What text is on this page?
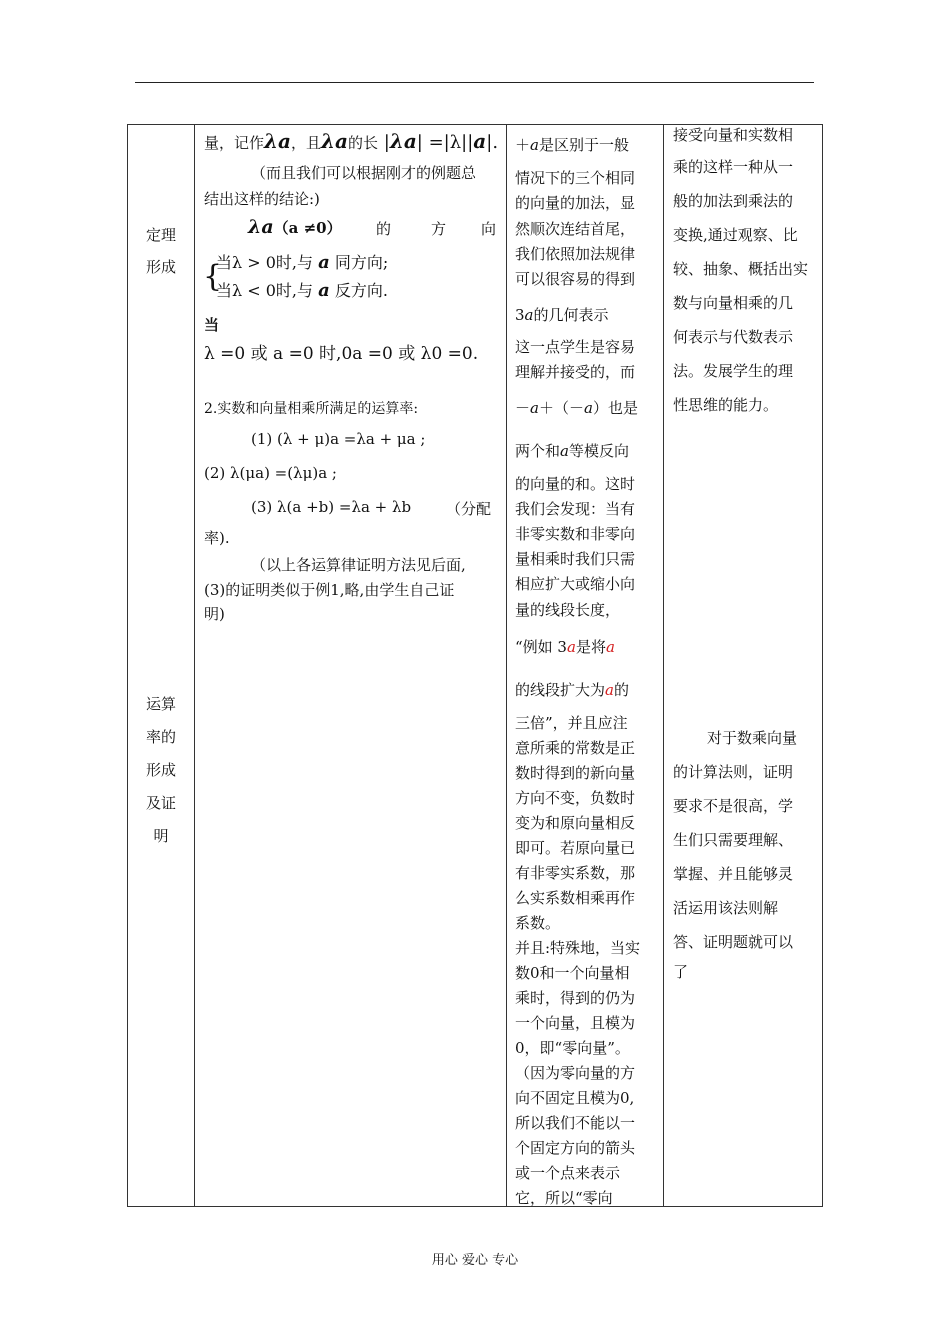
定理
形成
运算
率的
形成
及证
明
量，记作λa，且λa的长 |λa| =|λ||a|.
（而且我们可以根据刚才的例题总
结出这样的结论:)
λa（a ≠0） 的	方 向
{
当λ > 0时,与 a 同方向;
当λ < 0时,与 a 反方向.
当
λ =0 或 a =0 时,0a =0 或 λ0 =0.
2.实数和向量相乘所满足的运算率:
(1) (λ + μ)a =λa + μa ;
(2) λ(μa) =(λμ)a ;
(3) λ(a +b) =λa + λb （分配
率).
（以上各运算律证明方法见后面,
(3)的证明类似于例1,略,由学生自己证
明)
＋a是区别于一般
情况下的三个相同
的向量的加法，显
然顺次连结首尾，
我们依照加法规律
可以很容易的得到
3a的几何表示
这一点学生是容易
理解并接受的，而
－a＋（－a）也是
两个和a等模反向
的向量的和。这时
我们会发现：当有
非零实数和非零向
量相乘时我们只需
相应扩大或缩小向
量的线段长度，
“例如 3a是将a
的线段扩大为a的
三倍”，并且应注
意所乘的常数是正
数时得到的新向量
方向不变，负数时
变为和原向量相反
即可。若原向量已
有非零实系数，那
么实系数相乘再作
系数。
并且:特殊地，当实
数0和一个向量相
乘时，得到的仍为
一个向量，且模为
0，即“零向量”。
（因为零向量的方
向不固定且模为0,
所以我们不能以一
个固定方向的箭头
或一个点来表示
它，所以“零向
接受向量和实数相
乘的这样一种从一
般的加法到乘法的
变换,通过观察、比
较、抽象、概括出实
数与向量相乘的几
何表示与代数表示
法。发展学生的理
性思维的能力。
对于数乘向量
的计算法则，证明
要求不是很高，学
生们只需要理解、
掌握、并且能够灵
活运用该法则解
答、证明题就可以
了
用心 爱心 专心
